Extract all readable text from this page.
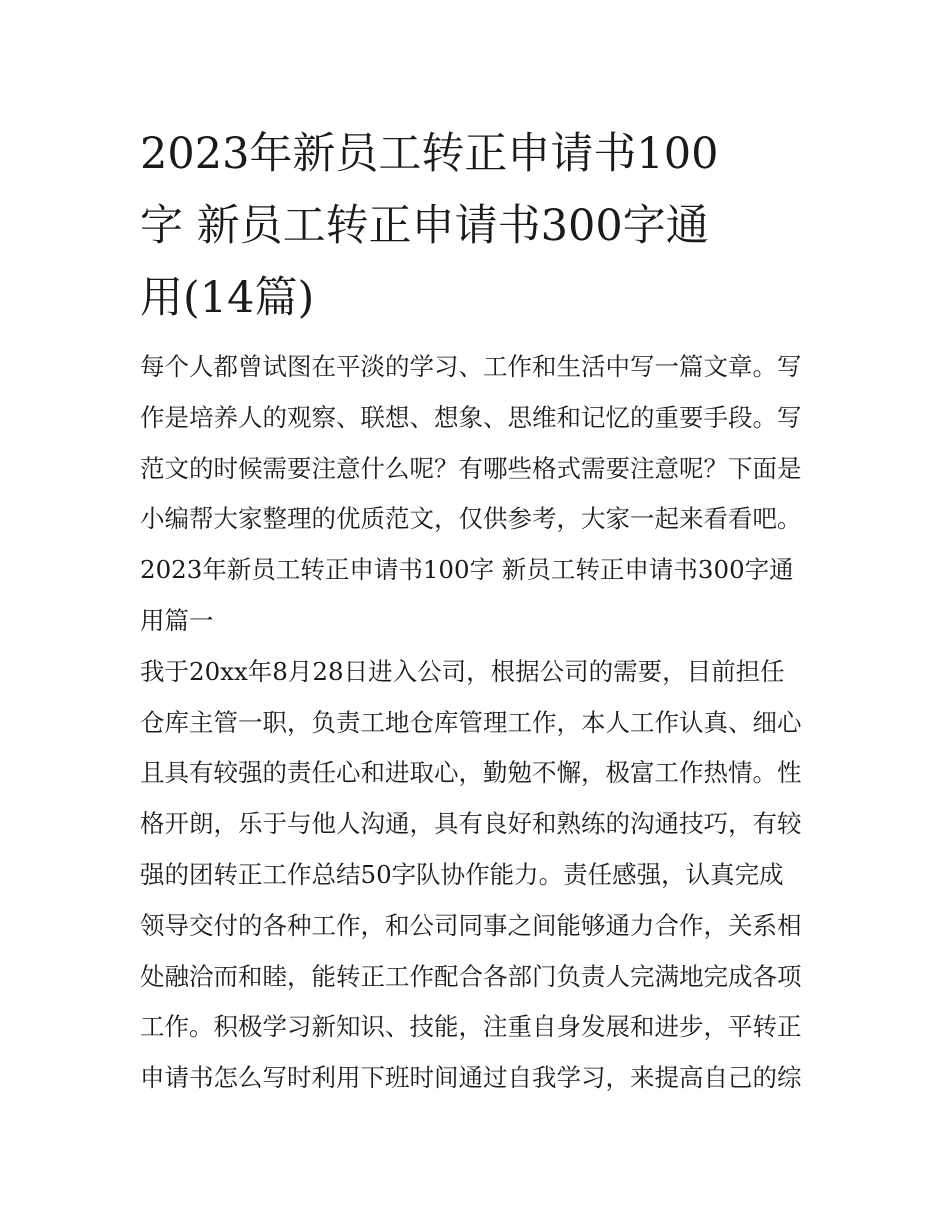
2023年新员工转正申请书100
字 新员工转正申请书300字通
用(14篇)

每个人都曾试图在平淡的学习、工作和生活中写一篇文章。写
作是培养人的观察、联想、想象、思维和记忆的重要手段。写
范文的时候需要注意什么呢？有哪些格式需要注意呢？下面是
小编帮大家整理的优质范文，仅供参考，大家一起来看看吧。

2023年新员工转正申请书100字 新员工转正申请书300字通
用篇一

我于20xx年8月28日进入公司，根据公司的需要，目前担任
仓库主管一职，负责工地仓库管理工作，本人工作认真、细心
且具有较强的责任心和进取心，勤勉不懈，极富工作热情。性
格开朗，乐于与他人沟通，具有良好和熟练的沟通技巧，有较
强的团转正工作总结50字队协作能力。责任感强，认真完成
领导交付的各种工作，和公司同事之间能够通力合作，关系相
处融洽而和睦，能转正工作配合各部门负责人完满地完成各项
工作。积极学习新知识、技能，注重自身发展和进步，平转正
申请书怎么写时利用下班时间通过自我学习，来提高自己的综
